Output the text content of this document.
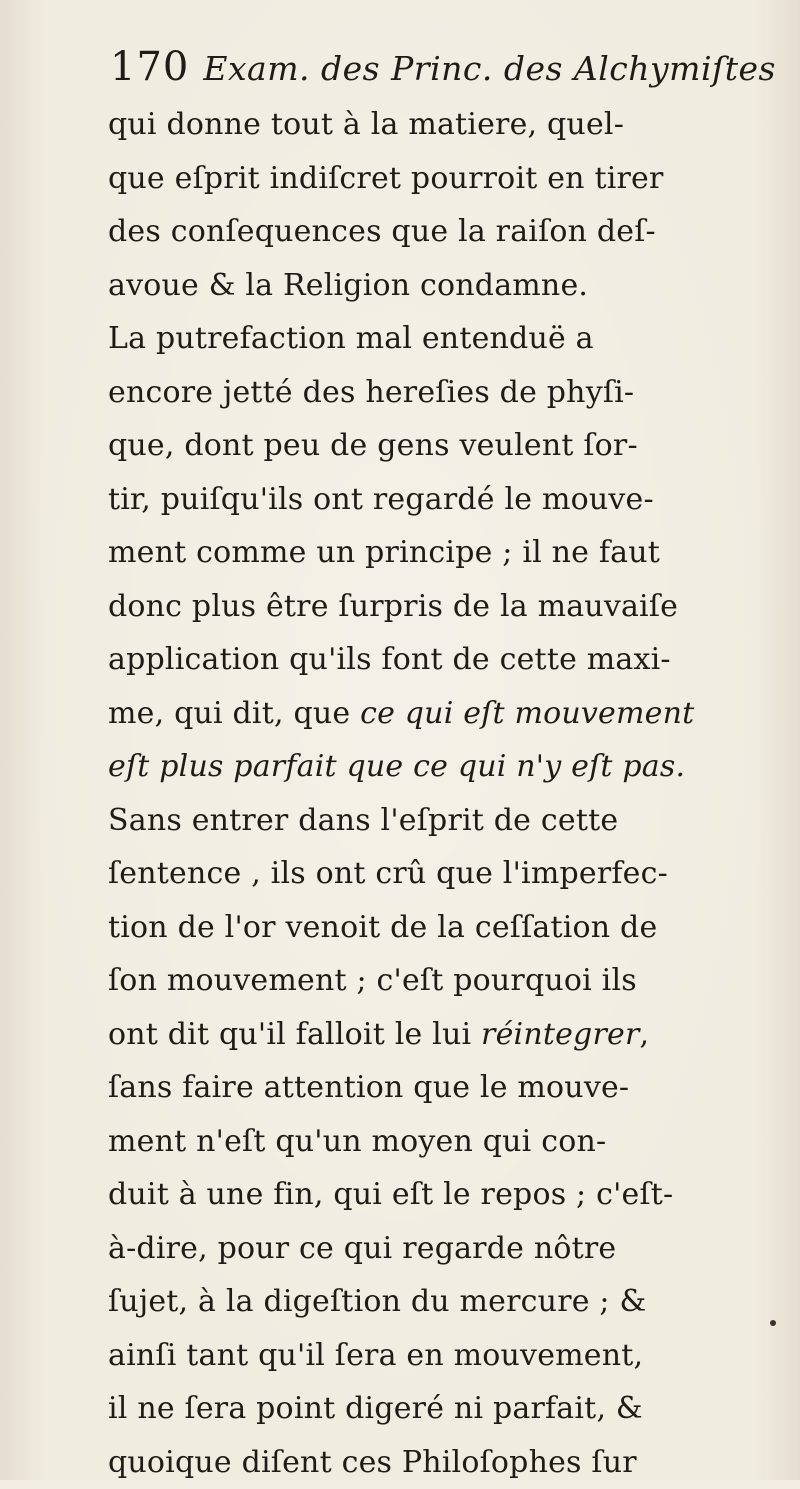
170 Exam. des Princ. des Alchymiſtes
qui donne tout à la matiere, quel-
que eſprit indiſcret pourroit en tirer
des conſequences que la raiſon deſ-
avoue & la Religion condamne.
La putrefaction mal entenduë a
encore jetté des hereſies de phyſi-
que, dont peu de gens veulent ſor-
tir, puiſqu'ils ont regardé le mouve-
ment comme un principe ; il ne faut
donc plus être ſurpris de la mauvaiſe
application qu'ils font de cette maxi-
me, qui dit, que ce qui eſt mouvement
eſt plus parfait que ce qui n'y eſt pas.
Sans entrer dans l'eſprit de cette
ſentence , ils ont crû que l'imperfec-
tion de l'or venoit de la ceſſation de
ſon mouvement ; c'eſt pourquoi ils
ont dit qu'il falloit le lui réintegrer,
ſans faire attention que le mouve-
ment n'eſt qu'un moyen qui con-
duit à une fin, qui eſt le repos ; c'eſt-
à-dire, pour ce qui regarde nôtre
ſujet, à la digeſtion du mercure ; &
ainſi tant qu'il ſera en mouvement,
il ne ſera point digeré ni parfait, &
quoique diſent ces Philoſophes ſur
